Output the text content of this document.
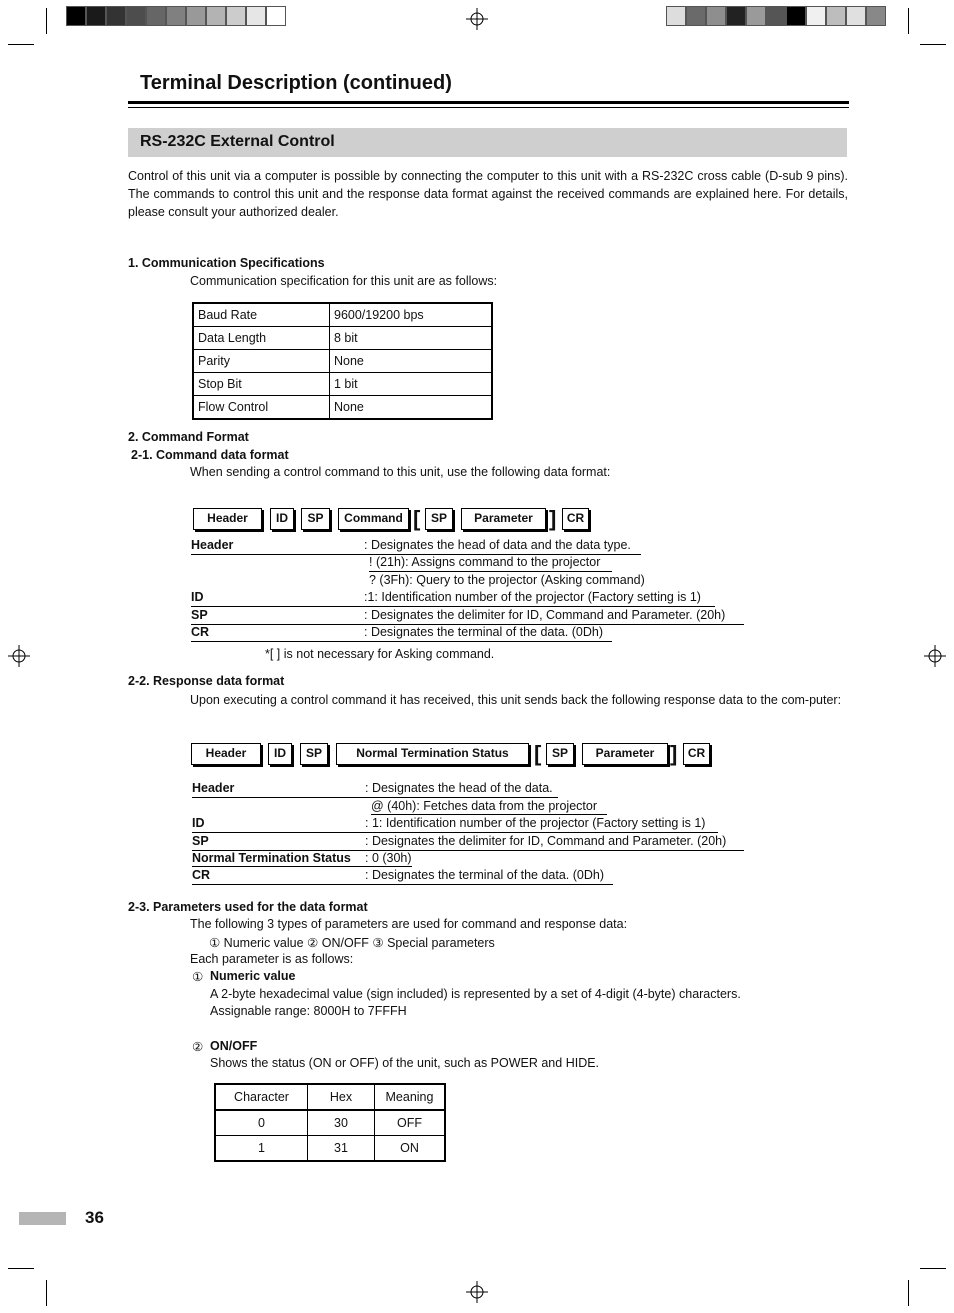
Terminal Description (continued)
RS-232C External Control
Control of this unit via a computer is possible by connecting the computer to this unit with a RS-232C cross cable (D-sub 9 pins). The commands to control this unit and the response data format against the received commands are explained here. For details, please consult your authorized dealer.
1. Communication Specifications
Communication specification for this unit are as follows:
Baud Rate	9600/19200 bps
Data Length	8 bit
Parity	None
Stop Bit	1 bit
Flow Control	None
2. Command Format
2-1. Command data format
When sending a control command to this unit, use the following data format:
Header	ID	SP	Command [ SP	Parameter ] CR
Header	: Designates the head of data and the data type.
! (21h): Assigns command to the projector
? (3Fh): Query to the projector (Asking command)
ID	:1: Identification number of the projector (Factory setting is 1)
SP	: Designates the delimiter for ID, Command and Parameter. (20h)
CR	: Designates the terminal of the data. (0Dh)
*[ ] is not necessary for Asking command.
2-2. Response data format
Upon executing a control command it has received, this unit sends back the following response data to the com-puter:
Header	ID	SP	Normal Termination Status	[ SP	Parameter ] CR
Header	: Designates the head of the data.
@ (40h): Fetches data from the projector
ID	: 1: Identification number of the projector (Factory setting is 1)
SP	: Designates the delimiter for ID, Command and Parameter. (20h)
Normal Termination Status : 0 (30h)
CR	: Designates the terminal of the data. (0Dh)
2-3. Parameters used for the data format
The following 3 types of parameters are used for command and response data:
① Numeric value ② ON/OFF ③ Special parameters
Each parameter is as follows:
① Numeric value
A 2-byte hexadecimal value (sign included) is represented by a set of 4-digit (4-byte) characters.
Assignable range: 8000H to 7FFFH
② ON/OFF
Shows the status (ON or OFF) of the unit, such as POWER and HIDE.
Character	Hex	Meaning
0	30	OFF
1	31	ON
36
